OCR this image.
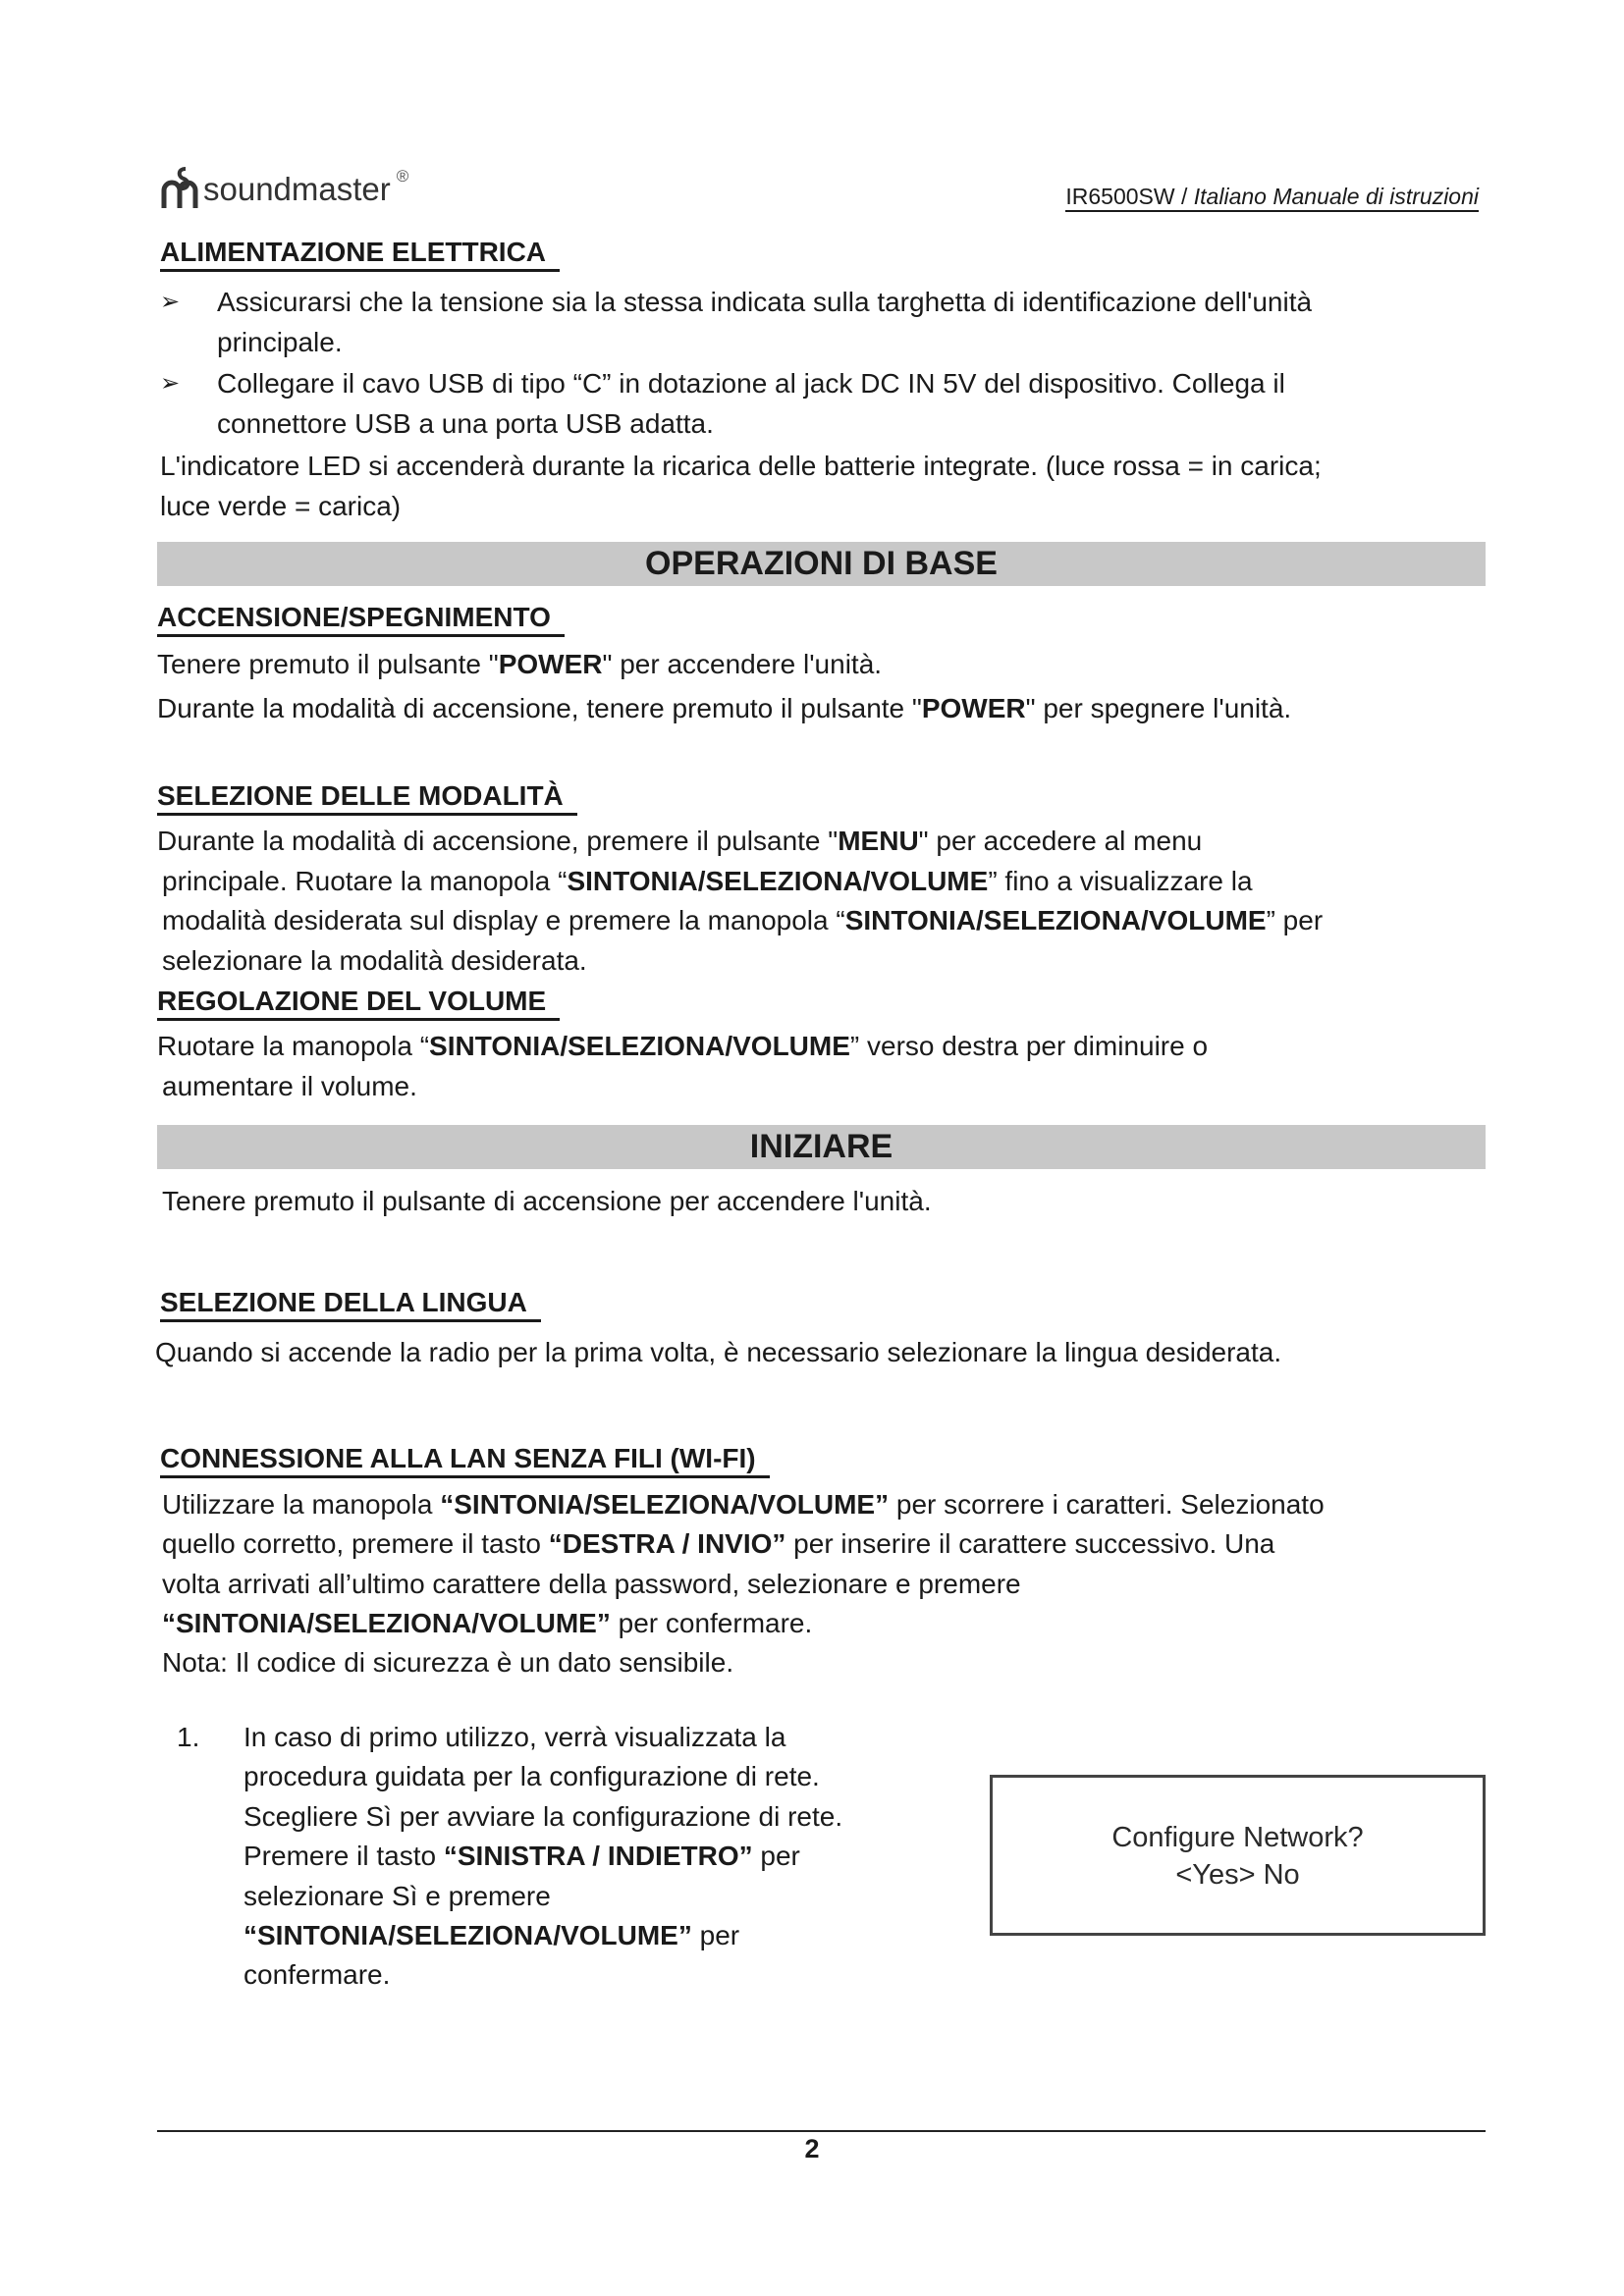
soundmaster ®
IR6500SW / Italiano Manuale di istruzioni
ALIMENTAZIONE ELETTRICA
Assicurarsi che la tensione sia la stessa indicata sulla targhetta di identificazione dell'unità
➢
principale.
Collegare il cavo USB di tipo “C” in dotazione al jack DC IN 5V del dispositivo. Collega il
➢
connettore USB a una porta USB adatta.
L'indicatore LED si accenderà durante la ricarica delle batterie integrate. (luce rossa = in carica;
luce verde = carica)
OPERAZIONI DI BASE
ACCENSIONE/SPEGNIMENTO
Tenere premuto il pulsante "POWER" per accendere l'unità.
Durante la modalità di accensione, tenere premuto il pulsante "POWER" per spegnere l'unità.
SELEZIONE DELLE MODALITÀ
Durante la modalità di accensione, premere il pulsante "MENU" per accedere al menu
principale. Ruotare la manopola “SINTONIA/SELEZIONA/VOLUME” fino a visualizzare la
modalità desiderata sul display e premere la manopola “SINTONIA/SELEZIONA/VOLUME” per
selezionare la modalità desiderata.
REGOLAZIONE DEL VOLUME
Ruotare la manopola “SINTONIA/SELEZIONA/VOLUME” verso destra per diminuire o
aumentare il volume.
INIZIARE
Tenere premuto il pulsante di accensione per accendere l'unità.
SELEZIONE DELLA LINGUA
Quando si accende la radio per la prima volta, è necessario selezionare la lingua desiderata.
CONNESSIONE ALLA LAN SENZA FILI (WI-FI)
Utilizzare la manopola “SINTONIA/SELEZIONA/VOLUME” per scorrere i caratteri. Selezionato
quello corretto, premere il tasto “DESTRA / INVIO” per inserire il carattere successivo. Una
volta arrivati all’ultimo carattere della password, selezionare e premere
“SINTONIA/SELEZIONA/VOLUME” per confermare.
Nota: Il codice di sicurezza è un dato sensibile.
In caso di primo utilizzo, verrà visualizzata la
1.
procedura guidata per la configurazione di rete.
Scegliere Sì per avviare la configurazione di rete.
Premere il tasto “SINISTRA / INDIETRO” per
selezionare Sì e premere
“SINTONIA/SELEZIONA/VOLUME” per
confermare.
Configure Network?
<Yes> No
2
